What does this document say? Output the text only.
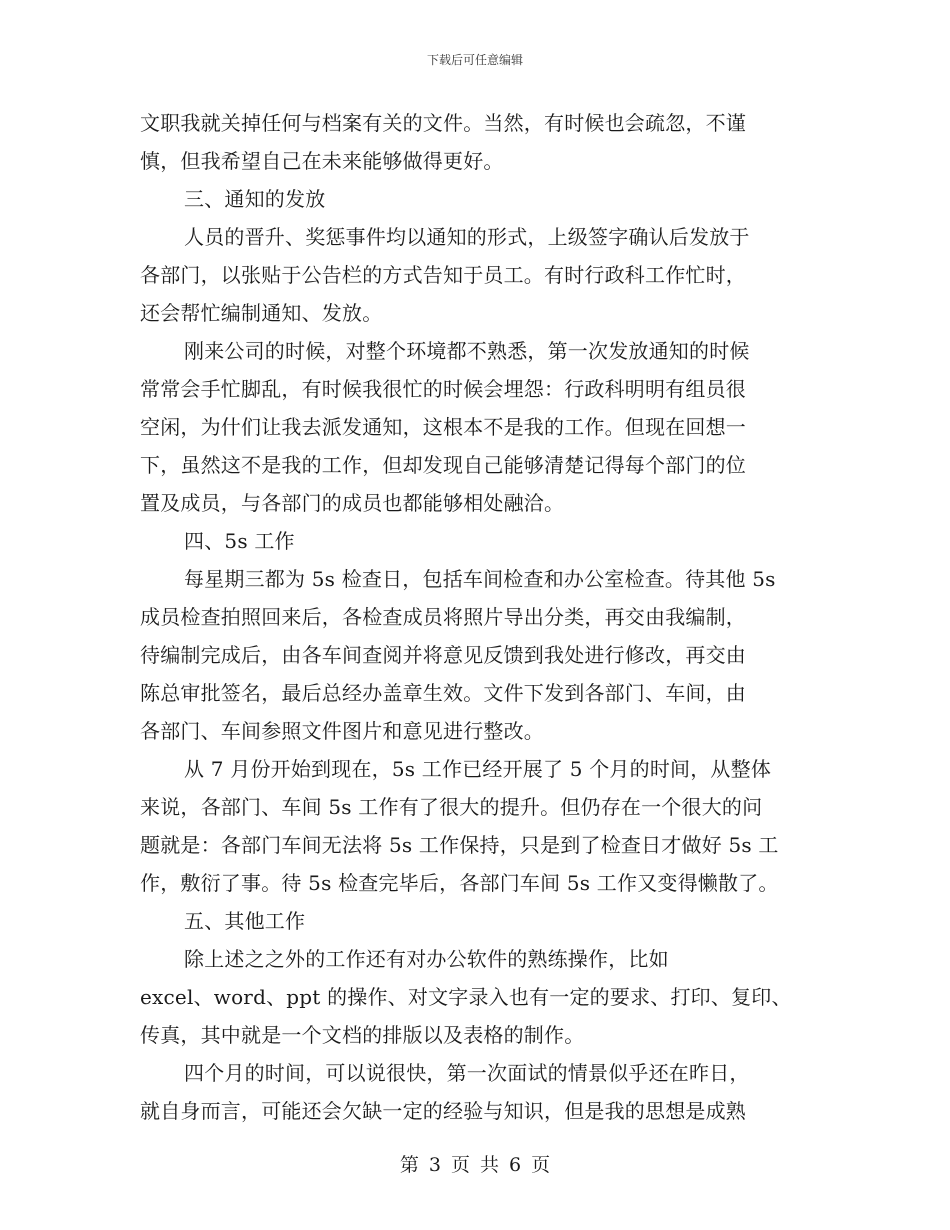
下载后可任意编辑
文职我就关掉任何与档案有关的文件。当然，有时候也会疏忽，不谨
慎，但我希望自己在未来能够做得更好。
三、通知的发放
人员的晋升、奖惩事件均以通知的形式，上级签字确认后发放于
各部门，以张贴于公告栏的方式告知于员工。有时行政科工作忙时，
还会帮忙编制通知、发放。
刚来公司的时候，对整个环境都不熟悉，第一次发放通知的时候
常常会手忙脚乱，有时候我很忙的时候会埋怨：行政科明明有组员很
空闲，为什们让我去派发通知，这根本不是我的工作。但现在回想一
下，虽然这不是我的工作，但却发现自己能够清楚记得每个部门的位
置及成员，与各部门的成员也都能够相处融洽。
四、5s 工作
每星期三都为 5s 检查日，包括车间检查和办公室检查。待其他 5s
成员检查拍照回来后，各检查成员将照片导出分类，再交由我编制，
待编制完成后，由各车间查阅并将意见反馈到我处进行修改，再交由
陈总审批签名，最后总经办盖章生效。文件下发到各部门、车间，由
各部门、车间参照文件图片和意见进行整改。
从 7 月份开始到现在，5s 工作已经开展了 5 个月的时间，从整体
来说，各部门、车间 5s 工作有了很大的提升。但仍存在一个很大的问
题就是：各部门车间无法将 5s 工作保持，只是到了检查日才做好 5s 工
作，敷衍了事。待 5s 检查完毕后，各部门车间 5s 工作又变得懒散了。
五、其他工作
除上述之之外的工作还有对办公软件的熟练操作，比如
excel、word、ppt 的操作、对文字录入也有一定的要求、打印、复印、
传真，其中就是一个文档的排版以及表格的制作。
四个月的时间，可以说很快，第一次面试的情景似乎还在昨日，
就自身而言，可能还会欠缺一定的经验与知识，但是我的思想是成熟
第 3 页 共 6 页
